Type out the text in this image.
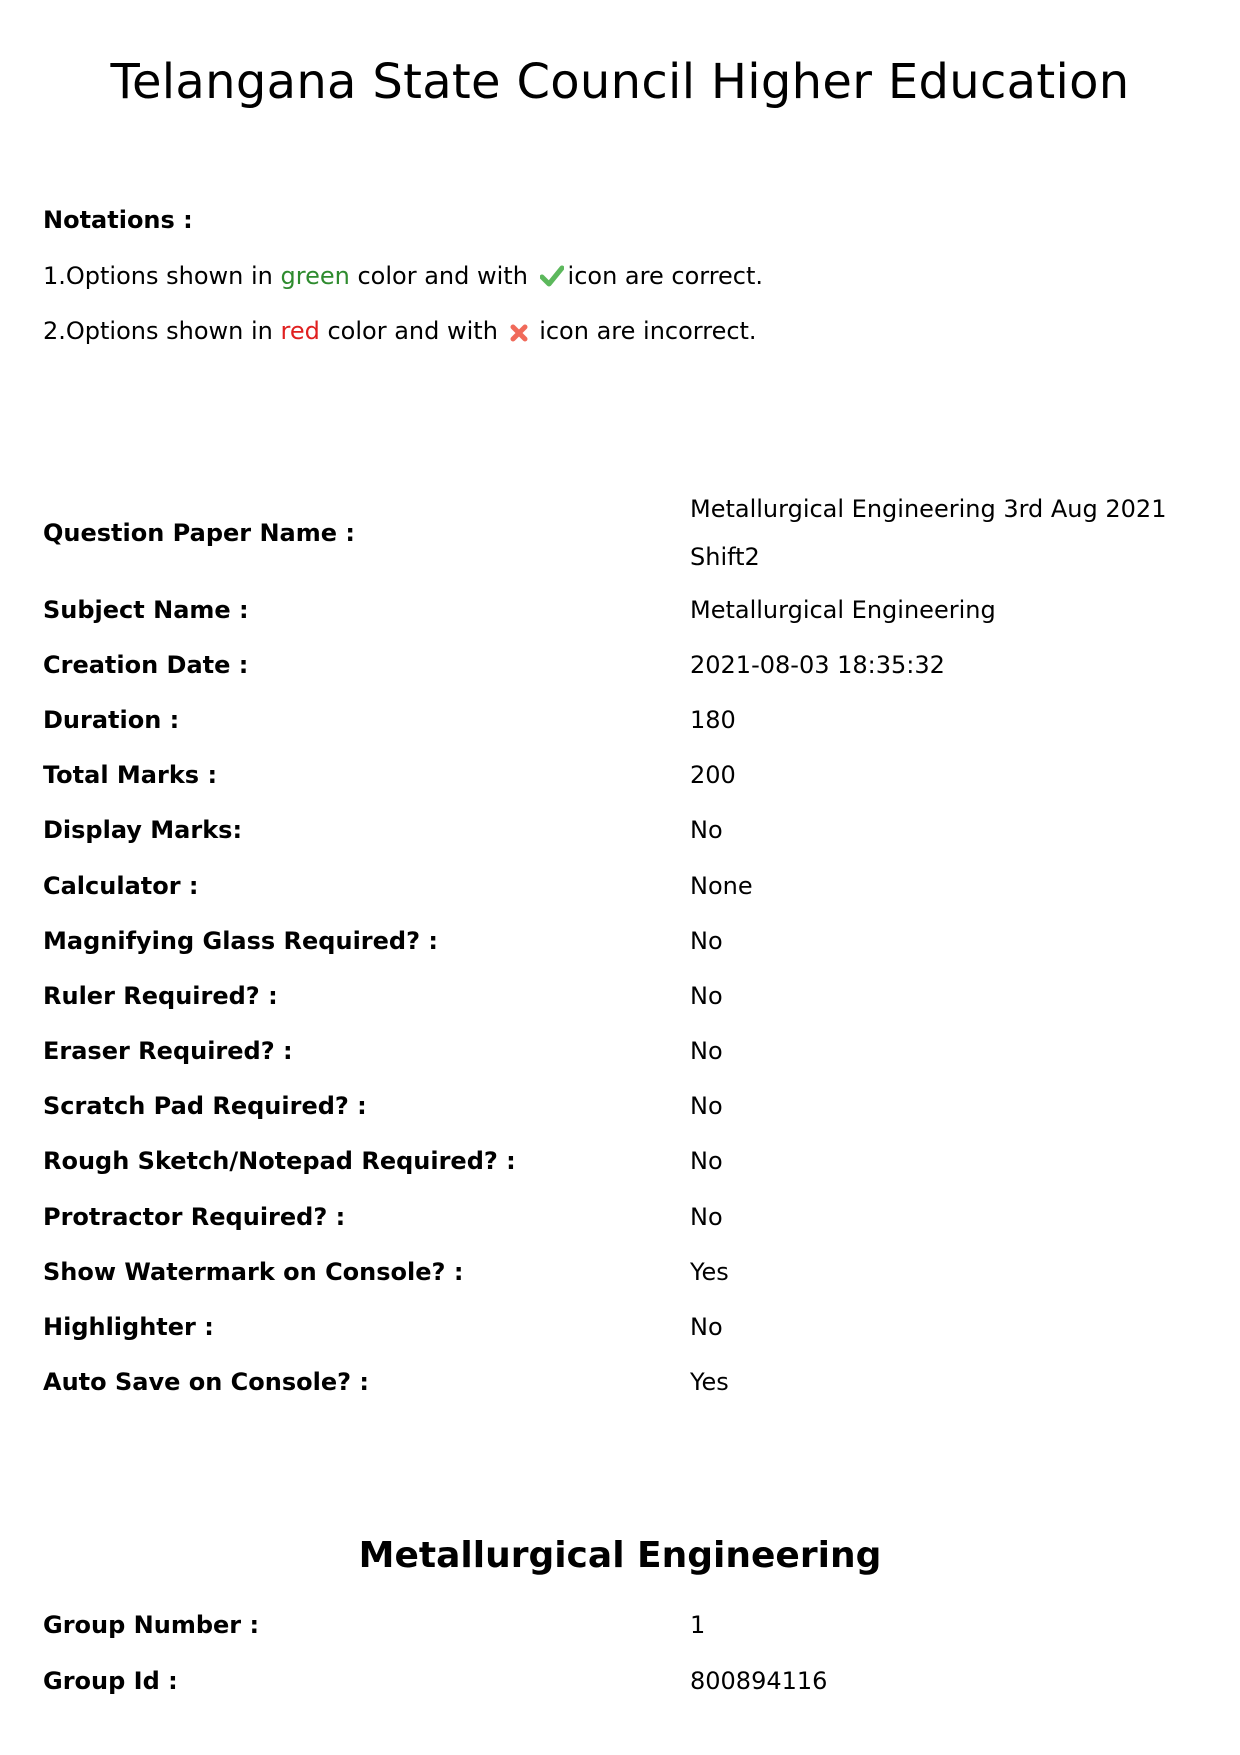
Telangana State Council Higher Education
Notations :
1.Options shown in green color and with icon are correct.
2.Options shown in red color and with  icon are incorrect.
Question Paper Name :	Metallurgical Engineering 3rd Aug 2021
Shift2

Subject Name :	Metallurgical Engineering
Creation Date :	2021-08-03 18:35:32
Duration :	180
Total Marks :	200
Display Marks:	No
Calculator :	None
Magnifying Glass Required? :	No
Ruler Required? :	No
Eraser Required? :	No
Scratch Pad Required? :	No
Rough Sketch/Notepad Required? :	No
Protractor Required? :	No
Show Watermark on Console? :	Yes
Highlighter :	No
Auto Save on Console? :	Yes
Metallurgical Engineering
Group Number :	1
Group Id :	800894116
